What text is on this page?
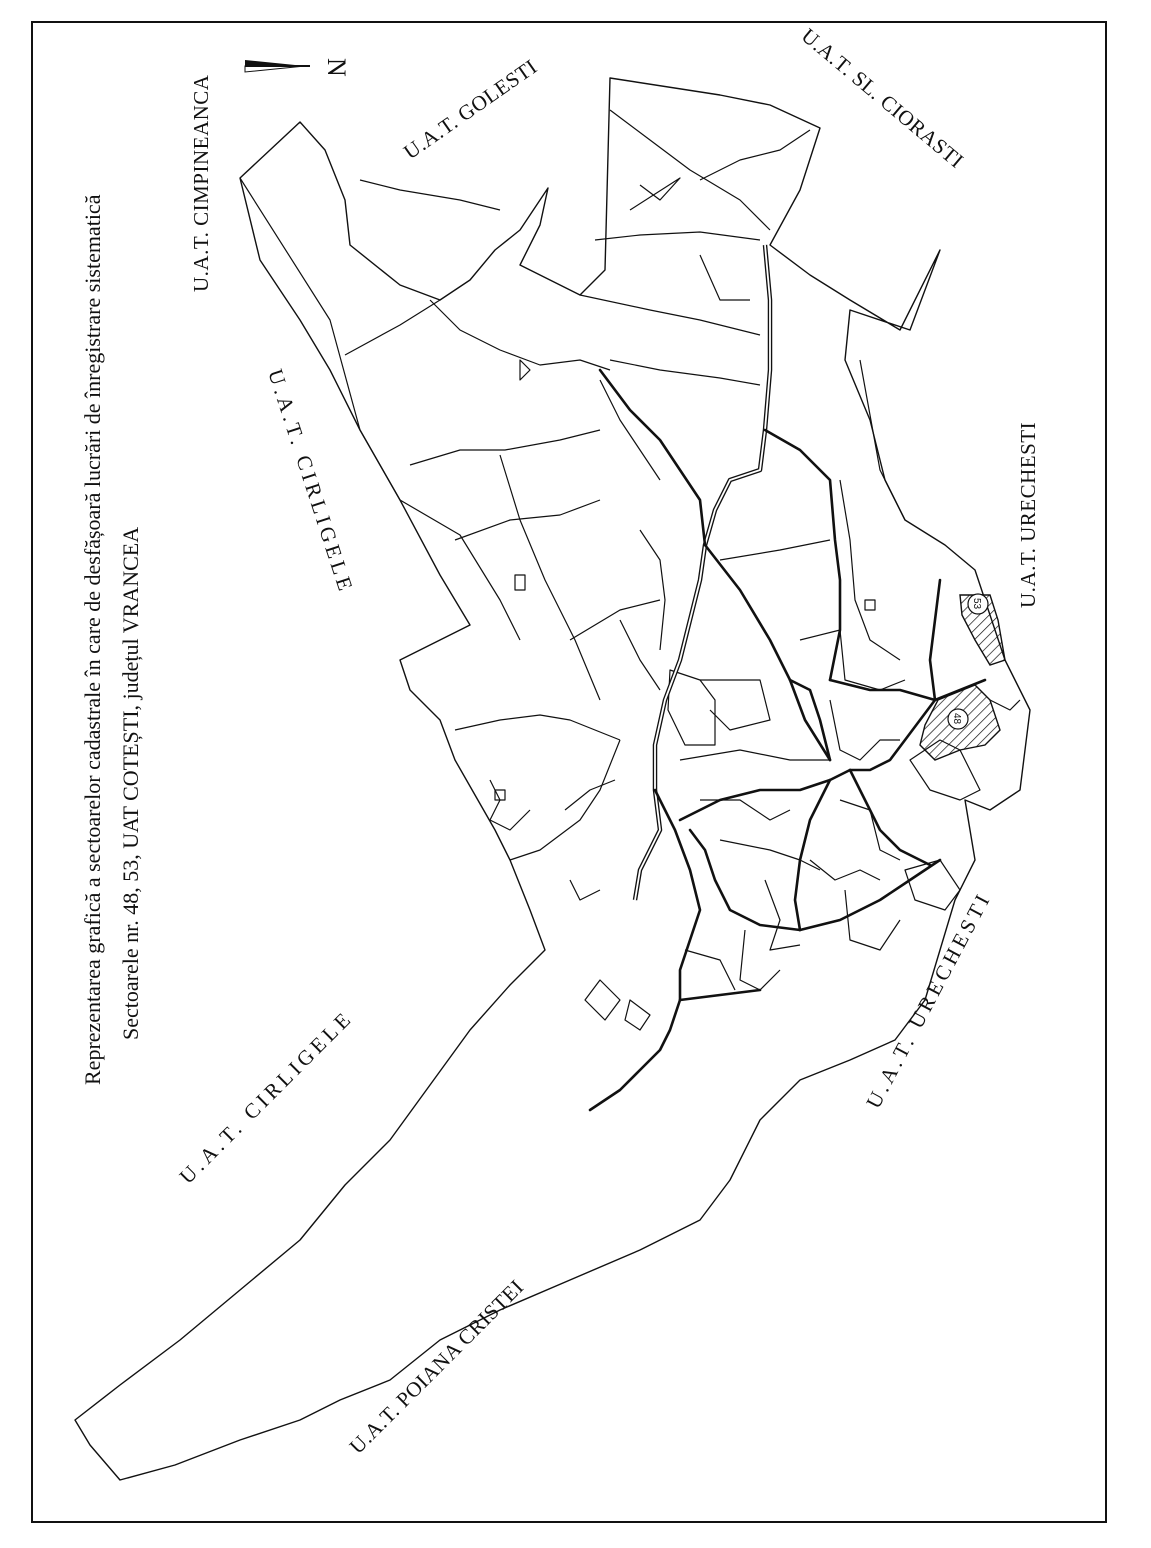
Reprezentarea grafică a sectoarelor cadastrale în care de desfășoară lucrări de înregistrare sistematică Sectoarele nr. 48, 53, UAT COTEȘTI, județul VRANCEA
N U.A.T. GOLESTI	U.A.T. SL. CIORASTI
U.A.T. CIMPINEANCA
U.A.T. CIRLIGELE	U.A.T. URECHESTI
U.A.T. URECHESTI
U.A.T. CIRLIGELE
U.A.T. POIANA CRISTEI
53
48
